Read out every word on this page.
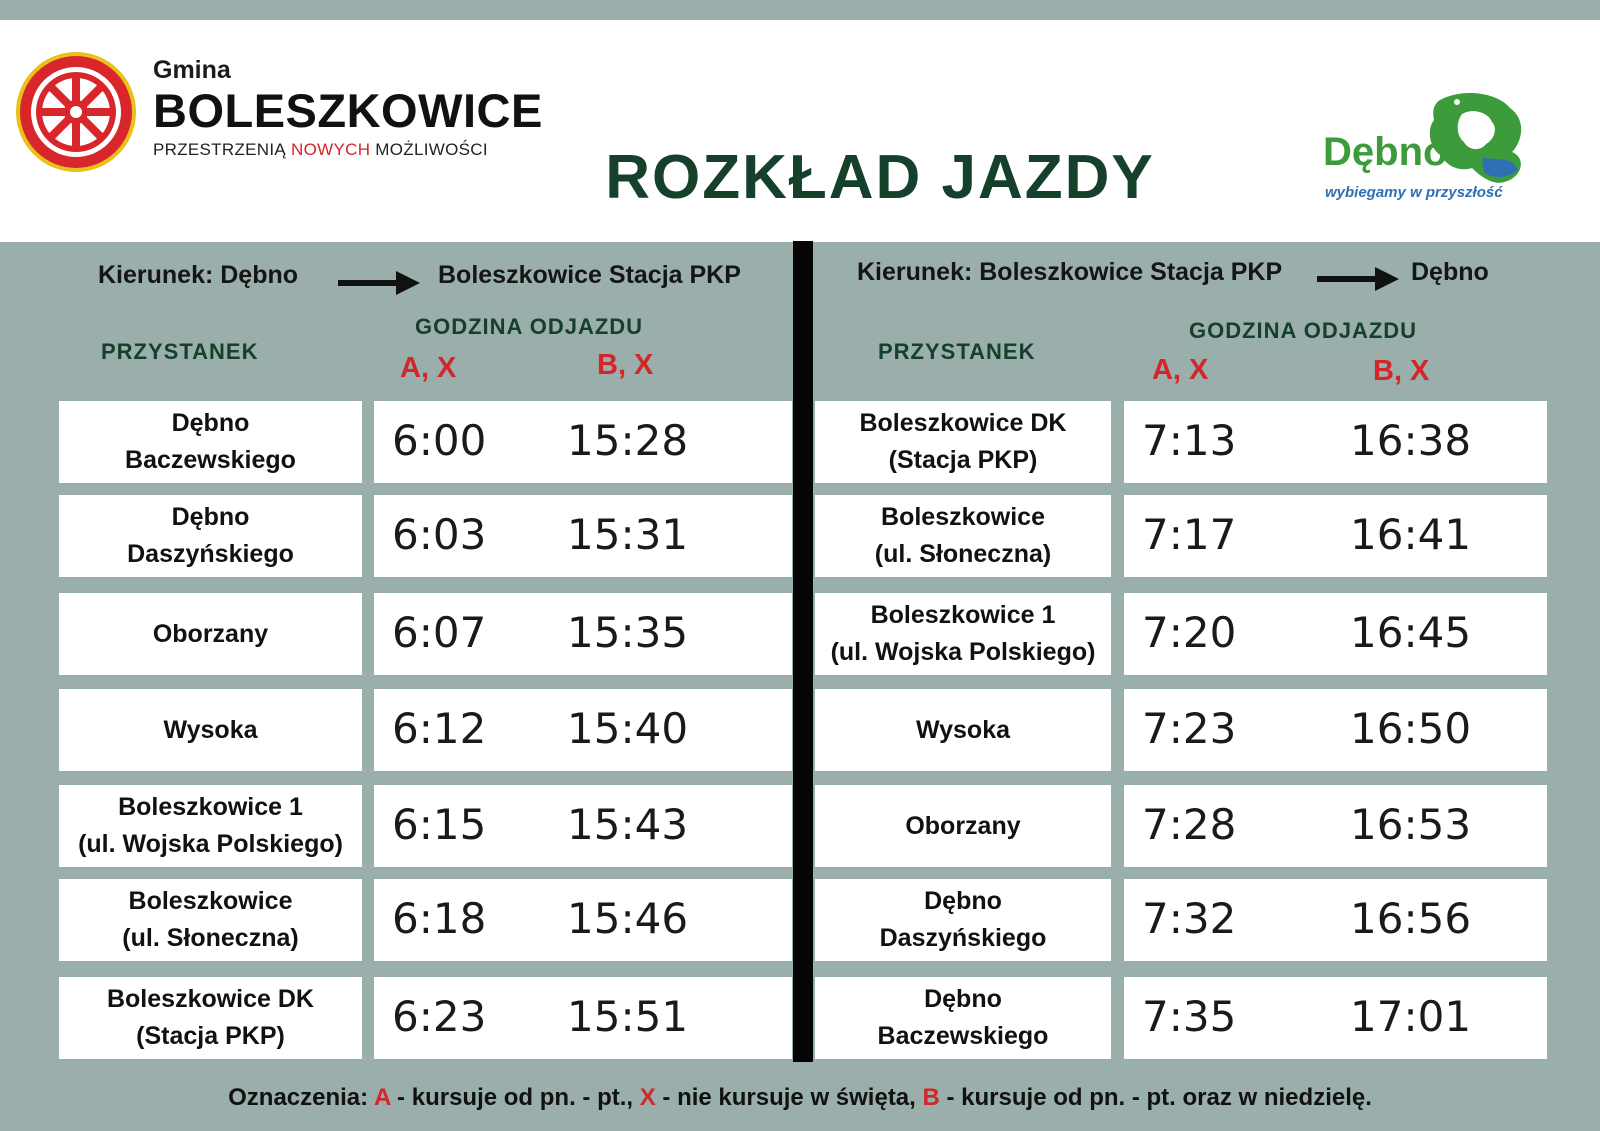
Gmina
BOLESZKOWICE
PRZESTRZENIĄ NOWYCH MOŻLIWOŚCI	Dębno
wybiegamy w przyszłość
ROZKŁAD JAZDY
Kierunek: Dębno	Boleszkowice Stacja PKP
PRZYSTANEK
GODZINA ODJAZDU
A, X	B, X
Kierunek: Boleszkowice Stacja PKP	Dębno
PRZYSTANEK
GODZINA ODJAZDU
A, X	B, X
Dębno
Baczewskiego	6:00 15:28
Dębno
Daszyńskiego	6:03 15:31
Oborzany	6:07 15:35
Wysoka	6:12 15:40
Boleszkowice 1
(ul. Wojska Polskiego)	6:15 15:43
Boleszkowice
(ul. Słoneczna)	6:18 15:46
Boleszkowice DK
(Stacja PKP)	6:23 15:51
Boleszkowice DK
(Stacja PKP)	7:13	16:38
Boleszkowice
(ul. Słoneczna)	7:17	16:41
Boleszkowice 1
(ul. Wojska Polskiego)	7:20	16:45
Wysoka	7:23	16:50
Oborzany	7:28	16:53
Dębno
Daszyńskiego	7:32	16:56
Dębno
Baczewskiego	7:35	17:01
Oznaczenia: A - kursuje od pn. - pt., X - nie kursuje w święta, B - kursuje od pn. - pt. oraz w niedzielę.
